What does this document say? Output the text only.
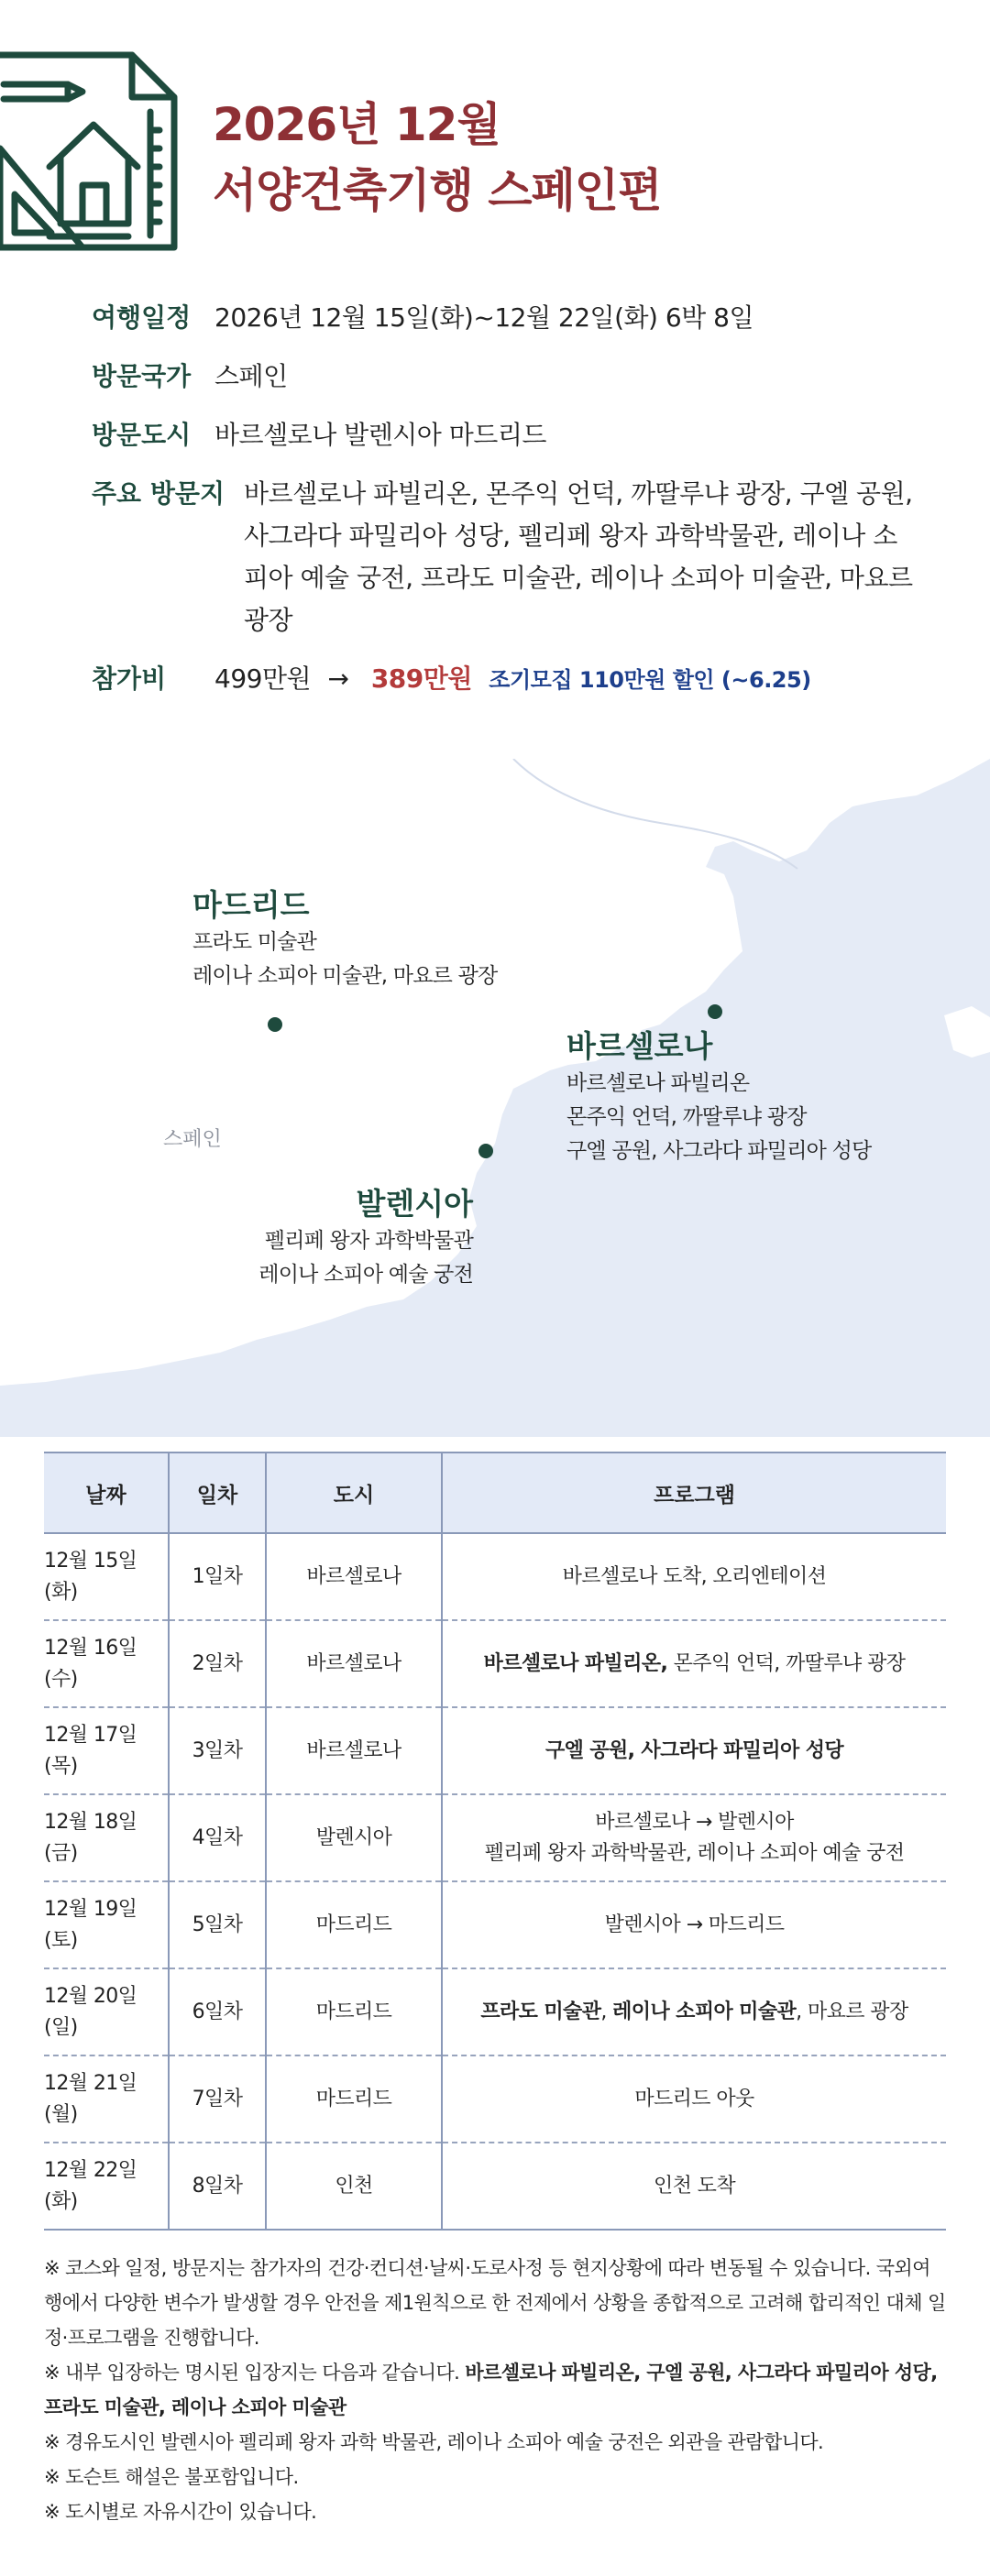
2026년 12월
서양건축기행 스페인편
여행일정 2026년 12월 15일(화)~12월 22일(화) 6박 8일
방문국가 스페인
방문도시 바르셀로나 발렌시아 마드리드
주요 방문지 바르셀로나 파빌리온, 몬주익 언덕, 까딸루냐 광장, 구엘 공원, 사그라다 파밀리아 성당, 펠리페 왕자 과학박물관, 레이나 소피아 예술 궁전, 프라도 미술관, 레이나 소피아 미술관, 마요르 광장
참가비	499만원 → 389만원 조기모집 110만원 할인 (~6.25)
스페인
마드리드
프라도 미술관
레이나 소피아 미술관, 마요르 광장
바르셀로나
바르셀로나 파빌리온
몬주익 언덕, 까딸루냐 광장
구엘 공원, 사그라다 파밀리아 성당
발렌시아
펠리페 왕자 과학박물관
레이나 소피아 예술 궁전
날짜	일차	도시	프로그램
12월 15일(화)	1일차	바르셀로나	바르셀로나 도착, 오리엔테이션
12월 16일(수)	2일차	바르셀로나	바르셀로나 파빌리온, 몬주익 언덕, 까딸루냐 광장
12월 17일(목)	3일차	바르셀로나	구엘 공원, 사그라다 파밀리아 성당
12월 18일(금)	4일차	발렌시아	바르셀로나 → 발렌시아
펠리페 왕자 과학박물관, 레이나 소피아 예술 궁전

12월 19일(토)	5일차	마드리드	발렌시아 → 마드리드
12월 20일(일)	6일차	마드리드	프라도 미술관, 레이나 소피아 미술관, 마요르 광장
12월 21일(월)	7일차	마드리드	마드리드 아웃
12월 22일(화)	8일차	인천	인천 도착

※ 코스와 일정, 방문지는 참가자의 건강·컨디션·날씨·도로사정 등 현지상황에 따라 변동될 수 있습니다. 국외여행에서 다양한 변수가 발생할 경우 안전을 제1원칙으로 한 전제에서 상황을 종합적으로 고려해 합리적인 대체 일정·프로그램을 진행합니다.

※ 내부 입장하는 명시된 입장지는 다음과 같습니다. 바르셀로나 파빌리온, 구엘 공원, 사그라다 파밀리아 성당, 프라도 미술관, 레이나 소피아 미술관

※ 경유도시인 발렌시아 펠리페 왕자 과학 박물관, 레이나 소피아 예술 궁전은 외관을 관람합니다.

※ 도슨트 해설은 불포함입니다.

※ 도시별로 자유시간이 있습니다.
